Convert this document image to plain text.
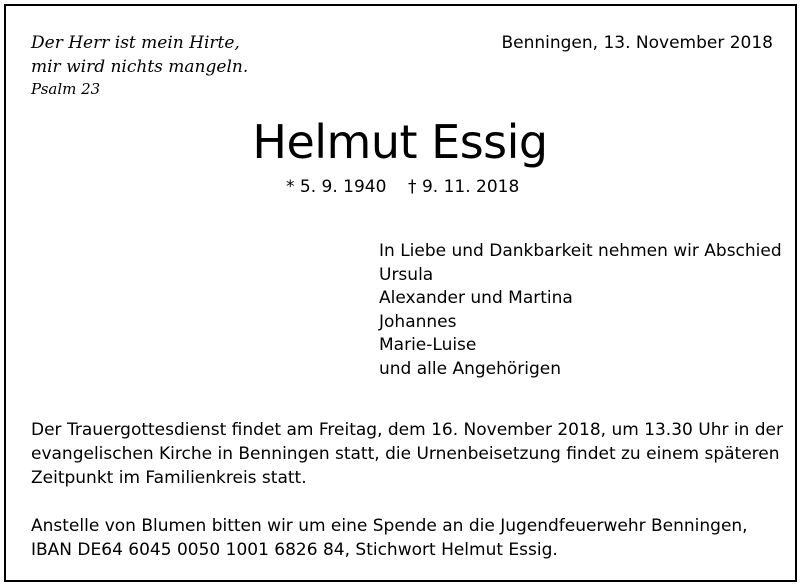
Der Herr ist mein Hirte,
mir wird nichts mangeln.
Psalm 23
Benningen, 13. November 2018
Helmut Essig
* 5. 9. 1940 † 9. 11. 2018
In Liebe und Dankbarkeit nehmen wir Abschied
Ursula
Alexander und Martina
Johannes
Marie-Luise
und alle Angehörigen
Der Trauergottesdienst findet am Freitag, dem 16. November 2018, um 13.30 Uhr in der
evangelischen Kirche in Benningen statt, die Urnenbeisetzung findet zu einem späteren
Zeitpunkt im Familienkreis statt.
Anstelle von Blumen bitten wir um eine Spende an die Jugendfeuerwehr Benningen,
IBAN DE64 6045 0050 1001 6826 84, Stichwort Helmut Essig.
